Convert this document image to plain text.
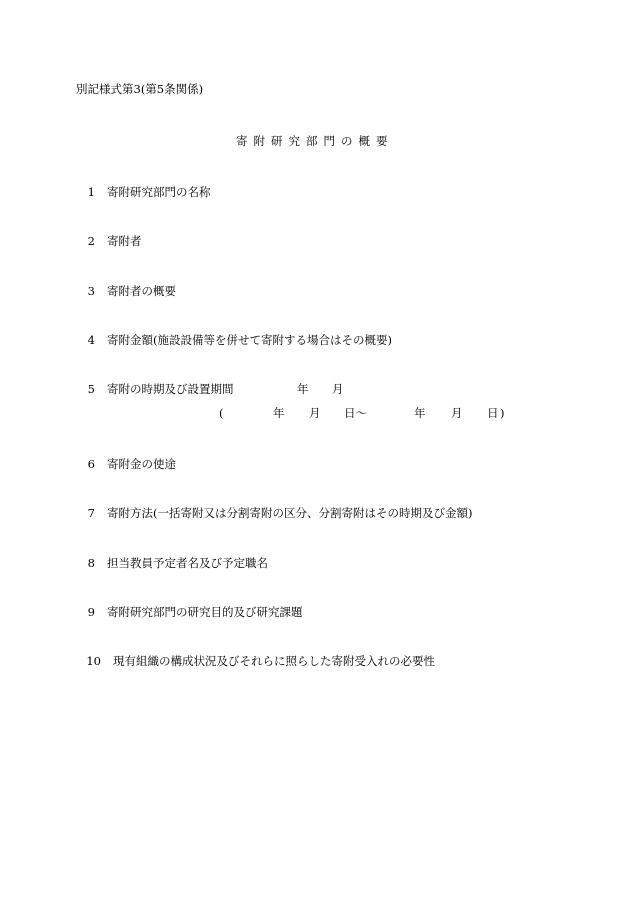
別記様式第3(第5条関係)
寄附研究部門の概要
1 寄附研究部門の名称
2 寄附者
3 寄附者の概要
4 寄附金額(施設設備等を併せて寄附する場合はその概要)
5 寄附の時期及び設置期間	年 月
(	年 月 日〜	年 月 日 )
6 寄附金の使途
7 寄附方法(一括寄附又は分割寄附の区分、分割寄附はその時期及び金額)
8 担当教員予定者名及び予定職名
9 寄附研究部門の研究目的及び研究課題
10 現有組織の構成状況及びそれらに照らした寄附受入れの必要性
